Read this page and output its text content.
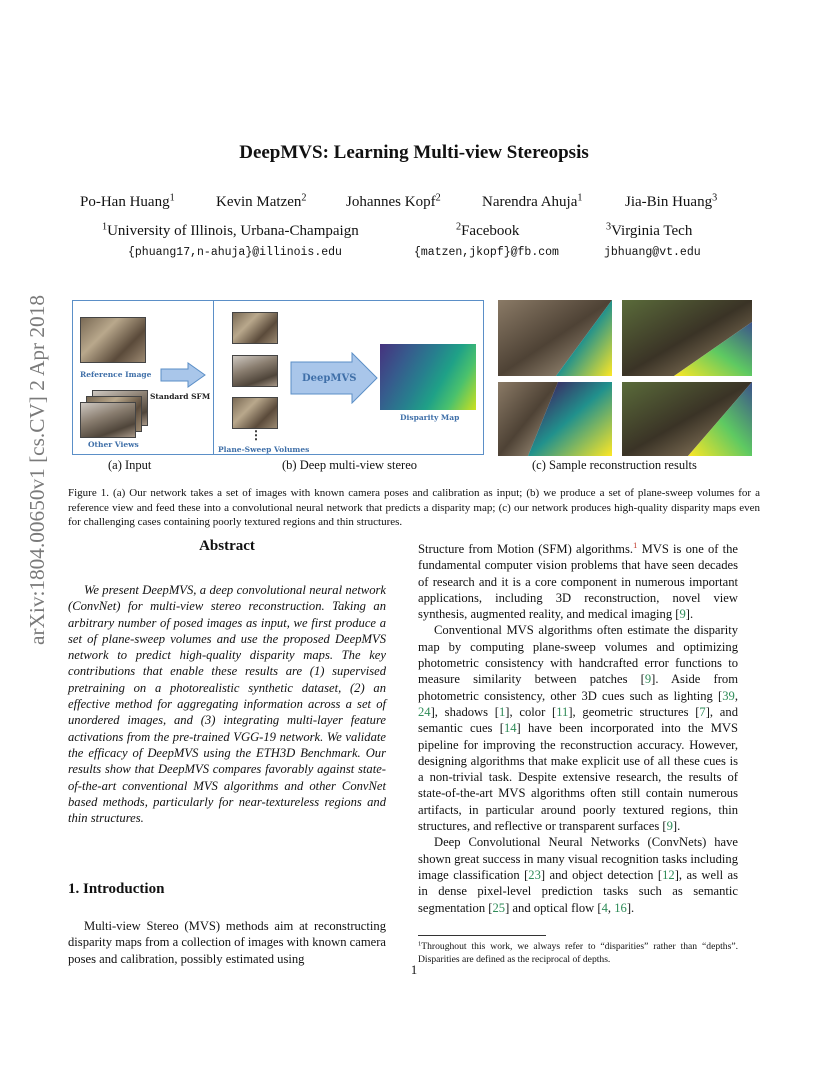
arXiv:1804.00650v1 [cs.CV] 2 Apr 2018
DeepMVS: Learning Multi-view Stereopsis
Po-Han Huang$^1$	Kevin Matzen$^2$	Johannes Kopf$^2$	Narendra Ahuja$^1$	Jia-Bin Huang$^3$
$^1$University of Illinois, Urbana-Champaign	$^2$Facebook	$^3$Virginia Tech
{phuang17,n-ahuja}@illinois.edu	{matzen,jkopf}@fb.com	jbhuang@vt.edu
Reference Image
Standard SFM
Other Views
⋮
Plane-Sweep Volumes
DeepMVS
Disparity Map
(a) Input	(b) Deep multi-view stereo	(c) Sample reconstruction results
Figure 1. (a) Our network takes a set of images with known camera poses and calibration as input; (b) we produce a set of plane-sweep volumes for a reference view and feed these into a convolutional neural network that predicts a disparity map; (c) our network produces high-quality disparity maps even for challenging cases containing poorly textured regions and thin structures.
Abstract
We present DeepMVS, a deep convolutional neural network (ConvNet) for multi-view stereo reconstruction. Taking an arbitrary number of posed images as input, we first produce a set of plane-sweep volumes and use the proposed DeepMVS network to predict high-quality disparity maps. The key contributions that enable these results are (1) supervised pretraining on a photorealistic synthetic dataset, (2) an effective method for aggregating information across a set of unordered images, and (3) integrating multi-layer feature activations from the pre-trained VGG-19 network. We validate the efficacy of DeepMVS using the ETH3D Benchmark. Our results show that DeepMVS compares favorably against state-of-the-art conventional MVS algorithms and other ConvNet based methods, particularly for near-textureless regions and thin structures.
1. Introduction
Multi-view Stereo (MVS) methods aim at reconstructing disparity maps from a collection of images with known camera poses and calibration, possibly estimated using
Structure from Motion (SFM) algorithms.$^1$ MVS is one of the fundamental computer vision problems that have seen decades of research and it is a core component in numerous important applications, including 3D reconstruction, novel view synthesis, augmented reality, and medical imaging [9].
Conventional MVS algorithms often estimate the disparity map by computing plane-sweep volumes and optimizing photometric consistency with handcrafted error functions to measure similarity between patches [9]. Aside from photometric consistency, other 3D cues such as lighting [39, 24], shadows [1], color [11], geometric structures [7], and semantic cues [14] have been incorporated into the MVS pipeline for improving the reconstruction accuracy. However, designing algorithms that make explicit use of all these cues is a non-trivial task. Despite extensive research, the results of state-of-the-art MVS algorithms often still contain numerous artifacts, in particular around poorly textured regions, thin structures, and reflective or transparent surfaces [9].
Deep Convolutional Neural Networks (ConvNets) have shown great success in many visual recognition tasks including image classification [23] and object detection [12], as well as in dense pixel-level prediction tasks such as semantic segmentation [25] and optical flow [4, 16].
$^1$Throughout this work, we always refer to “disparities” rather than “depths”. Disparities are defined as the reciprocal of depths.
1
